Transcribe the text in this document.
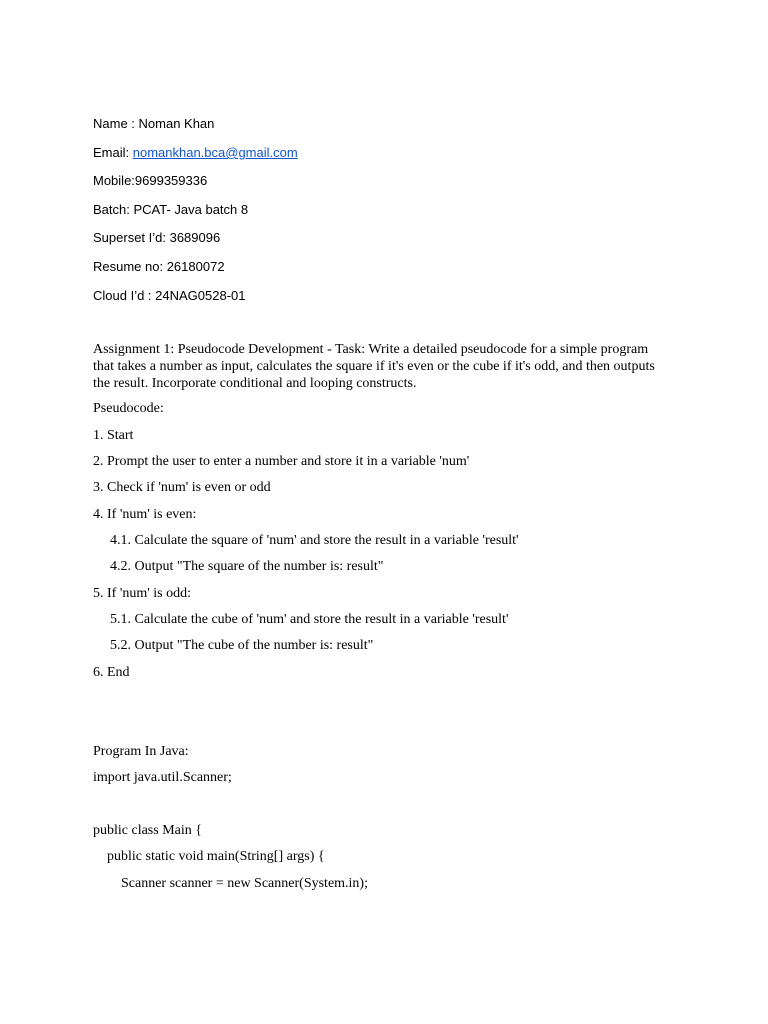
Name : Noman Khan
Email: nomankhan.bca@gmail.com
Mobile:9699359336
Batch: PCAT- Java batch 8
Superset I’d: 3689096
Resume no: 26180072
Cloud I’d : 24NAG0528-01
Assignment 1: Pseudocode Development - Task: Write a detailed pseudocode for a simple program
that takes a number as input, calculates the square if it's even or the cube if it's odd, and then outputs
the result. Incorporate conditional and looping constructs.
Pseudocode:
1. Start
2. Prompt the user to enter a number and store it in a variable 'num'
3. Check if 'num' is even or odd
4. If 'num' is even:
4.1. Calculate the square of 'num' and store the result in a variable 'result'
4.2. Output "The square of the number is: result"
5. If 'num' is odd:
5.1. Calculate the cube of 'num' and store the result in a variable 'result'
5.2. Output "The cube of the number is: result"
6. End
Program In Java:
import java.util.Scanner;
public class Main {
public static void main(String[] args) {
Scanner scanner = new Scanner(System.in);
